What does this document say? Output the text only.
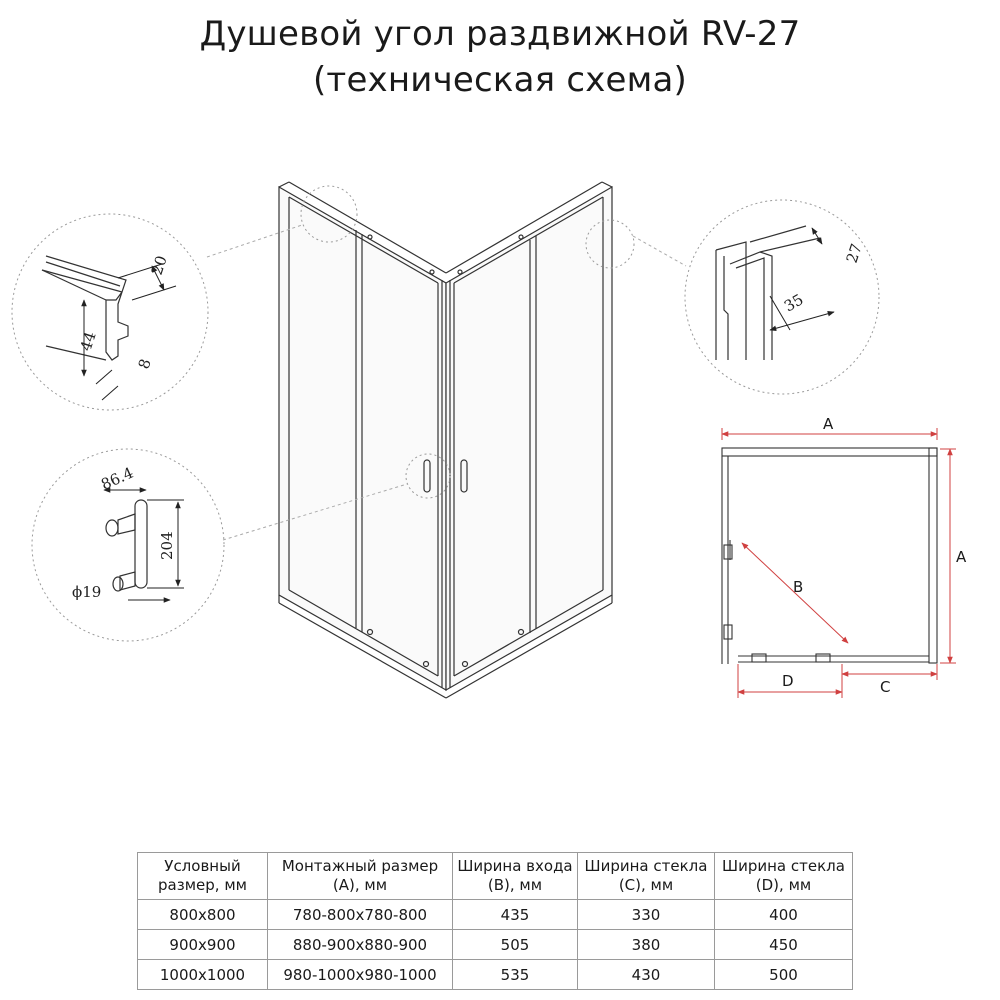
Душевой угол раздвижной RV-27
(техническая схема)
44
20
8
27
35
204
86.4
ϕ19
A
A
B
D	C
Условный размер, мм	Монтажный размер (А), мм	Ширина входа (В), мм	Ширина стекла (С), мм	Ширина стекла (D), мм
800x800	780-800x780-800	435	330	400
900x900	880-900x880-900	505	380	450
1000x1000	980-1000x980-1000	535	430	500
